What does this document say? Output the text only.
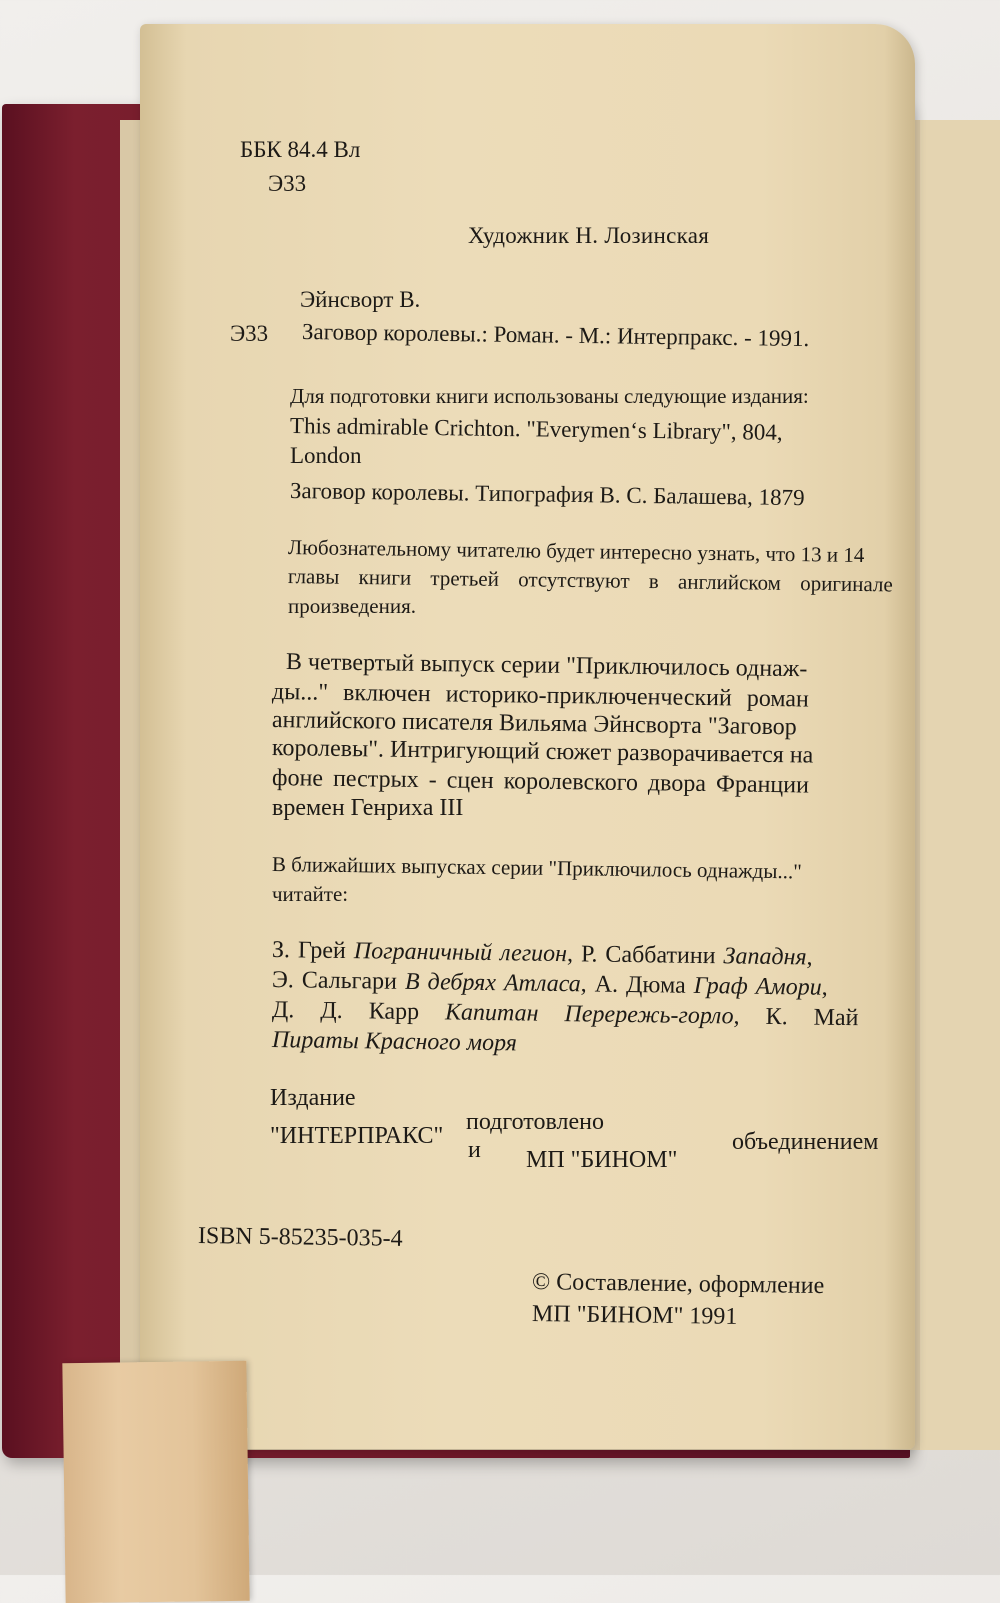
ББК 84.4 Вл
Э33
Художник Н. Лозинская
Эйнсворт В.
Э33 Заговор королевы.: Роман. - М.: Интерпракс. - 1991.
Для подготовки книги использованы следующие издания:
This admirable Crichton. "Everymen‘s Library", 804,
London
Заговор королевы. Типография В. С. Балашева, 1879
Любознательному читателю будет интересно узнать, что 13 и 14
главы книги третьей отсутствуют в английском оригинале
произведения.
В четвертый выпуск серии "Приключилось однаж-
ды..." включен историко-приключенческий роман
английского писателя Вильяма Эйнсворта "Заговор
королевы". Интригующий сюжет разворачивается на
фоне пестрых - сцен королевского двора Франции
времен Генриха III
В ближайших выпусках серии "Приключилось однажды..."
читайте:
З. Грей Пограничный легион, Р. Саббатини Западня,
Э. Сальгари В дебрях Атласа, А. Дюма Граф Амори,
Д. Д. Карр Капитан Перережь-горло, К. Май
Пираты Красного моря
Издание
подготовлено
объединением
"ИНТЕРПРАКС"
и МП "БИНОМ"
ISBN 5-85235-035-4
© Составление, оформление
МП "БИНОМ" 1991
